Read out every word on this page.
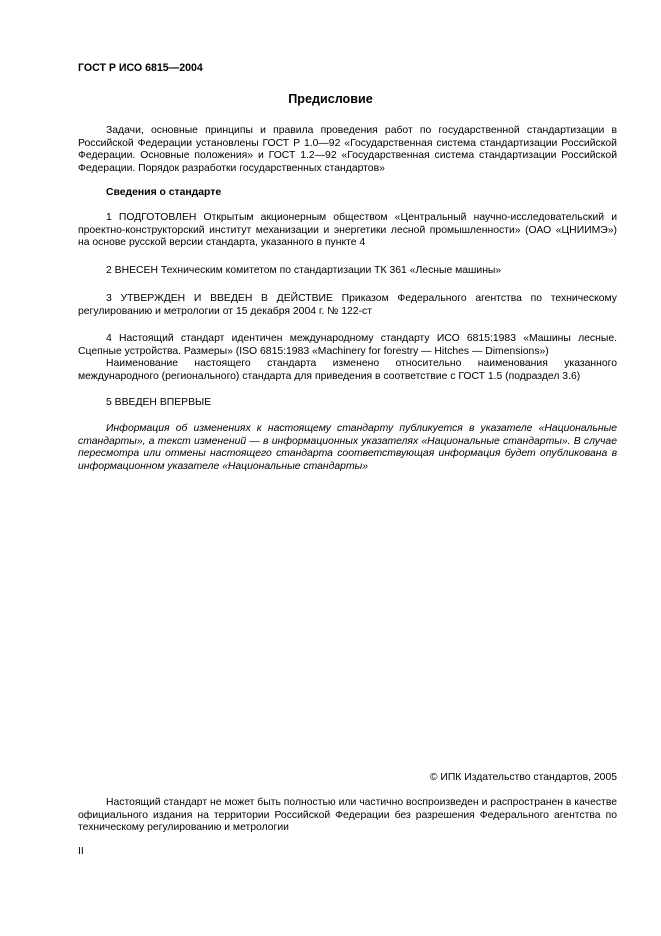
ГОСТ Р ИСО 6815—2004
Предисловие
Задачи, основные принципы и правила проведения работ по государственной стандартизации в Российской Федерации установлены ГОСТ Р 1.0—92 «Государственная система стандартизации Российской Федерации. Основные положения» и ГОСТ 1.2—92 «Государственная система стандартизации Российской Федерации. Порядок разработки государственных стандартов»
Сведения о стандарте
1 ПОДГОТОВЛЕН Открытым акционерным обществом «Центральный научно-исследовательский и проектно-конструкторский институт механизации и энергетики лесной промышленности» (ОАО «ЦНИИМЭ») на основе русской версии стандарта, указанного в пункте 4
2 ВНЕСЕН Техническим комитетом по стандартизации ТК 361 «Лесные машины»
3 УТВЕРЖДЕН И ВВЕДЕН В ДЕЙСТВИЕ Приказом Федерального агентства по техническому регулированию и метрологии от 15 декабря 2004 г. № 122-ст
4 Настоящий стандарт идентичен международному стандарту ИСО 6815:1983 «Машины лесные. Сцепные устройства. Размеры» (ISO 6815:1983 «Machinery for forestry — Hitches — Dimensions»)
Наименование настоящего стандарта изменено относительно наименования указанного международного (регионального) стандарта для приведения в соответствие с ГОСТ 1.5 (подраздел 3.6)
5 ВВЕДЕН ВПЕРВЫЕ
Информация об изменениях к настоящему стандарту публикуется в указателе «Национальные стандарты», а текст изменений — в информационных указателях «Национальные стандарты». В случае пересмотра или отмены настоящего стандарта соответствующая информация будет опубликована в информационном указателе «Национальные стандарты»
© ИПК Издательство стандартов, 2005
Настоящий стандарт не может быть полностью или частично воспроизведен и распространен в качестве официального издания на территории Российской Федерации без разрешения Федерального агентства по техническому регулированию и метрологии
II
